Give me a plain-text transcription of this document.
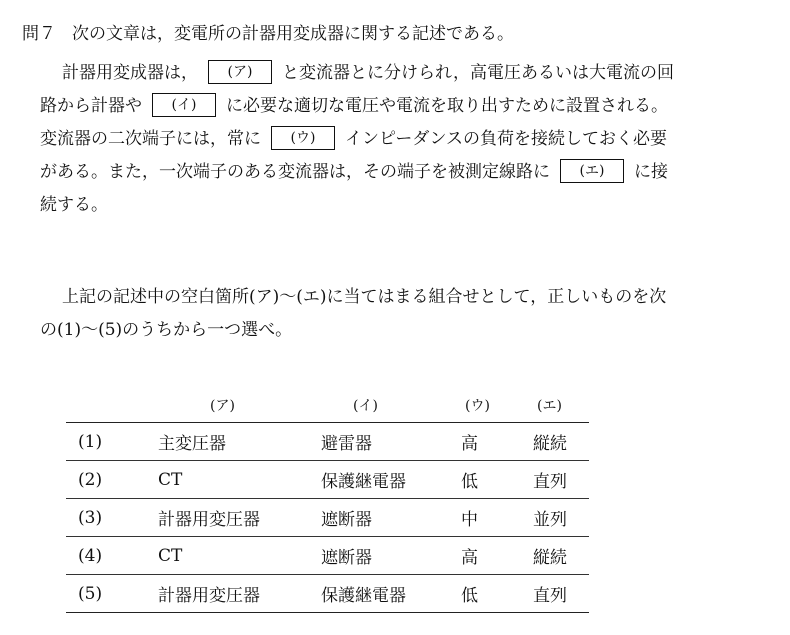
問７ 次の文章は，変電所の計器用変成器に関する記述である。
計器用変成器は， (ア) と変流器とに分けられ，高電圧あるいは大電流の回
路から計器や (イ) に必要な適切な電圧や電流を取り出すために設置される。
変流器の二次端子には，常に (ウ) インピーダンスの負荷を接続しておく必要
がある。また，一次端子のある変流器は，その端子を被測定線路に (エ) に接
続する。
上記の記述中の空白箇所(ア)～(エ)に当てはまる組合せとして，正しいものを次
の(1)～(5)のうちから一つ選べ。
	(ア)	(イ)	(ウ)	(エ)
(1)	主変圧器	避雷器	高	縦続
(2)	CT	保護継電器	低	直列
(3)	計器用変圧器	遮断器	中	並列
(4)	CT	遮断器	高	縦続
(5)	計器用変圧器	保護継電器	低	直列
